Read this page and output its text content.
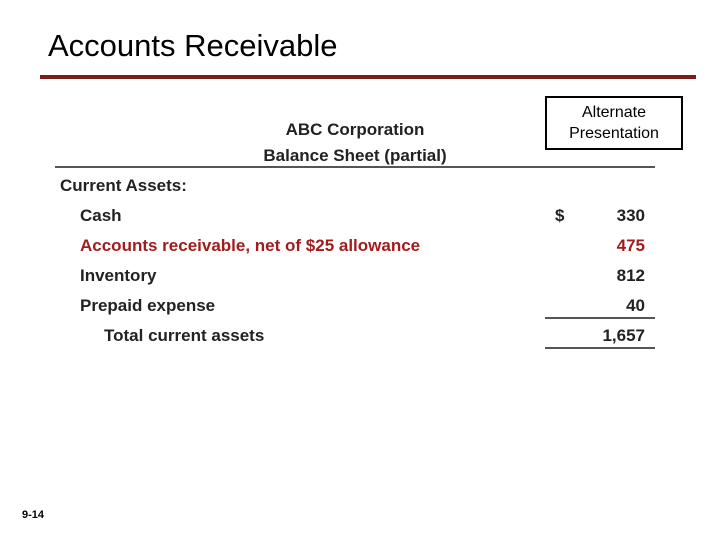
Accounts Receivable
Alternate
Presentation
ABC Corporation
Balance Sheet (partial)
Current Assets:
Cash	$	330
Accounts receivable, net of $25 allowance	475
Inventory	812
Prepaid expense	40
Total current assets	1,657
9-14
